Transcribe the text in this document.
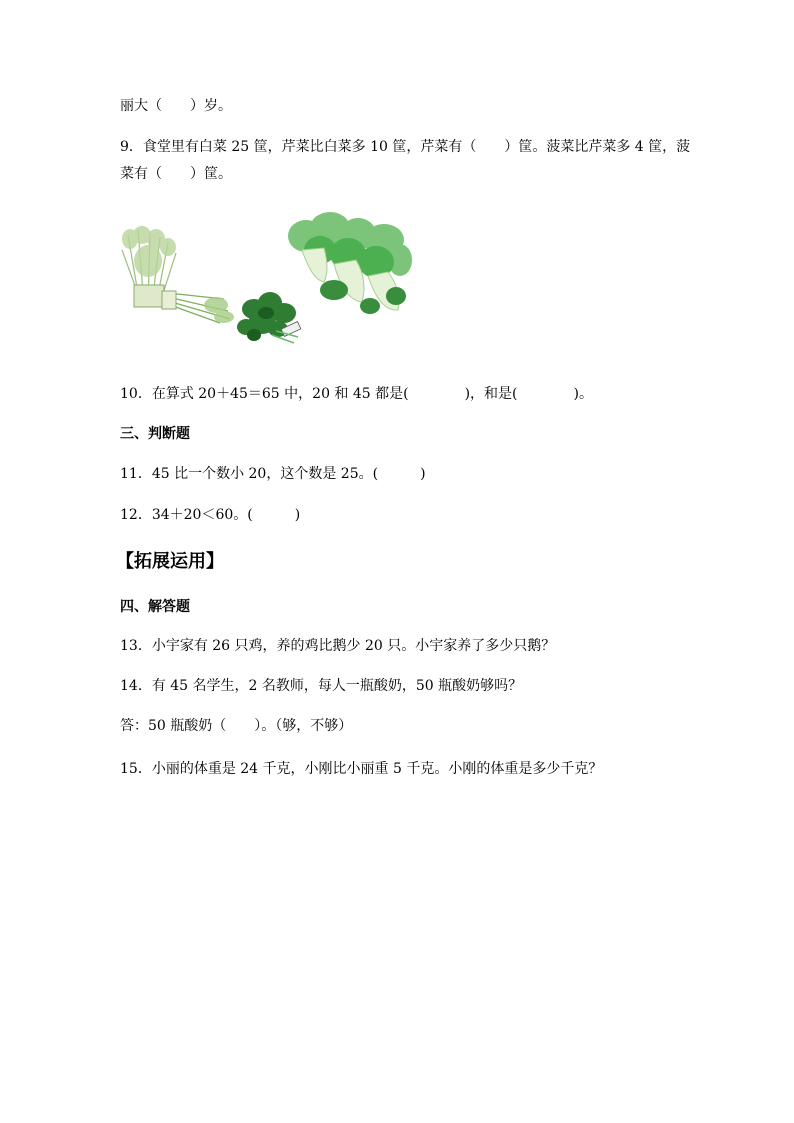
丽大（　　）岁。
9．食堂里有白菜 25 筐，芹菜比白菜多 10 筐，芹菜有（　　）筐。菠菜比芹菜多 4 筐，菠
菜有（　　）筐。
10．在算式 20＋45＝65 中，20 和 45 都是(　　　　)，和是(　　　　)。
三、判断题
11．45 比一个数小 20，这个数是 25。(　　　)
12．34＋20＜60。(　　　)
【拓展运用】
四、解答题
13．小宇家有 26 只鸡，养的鸡比鹅少 20 只。小宇家养了多少只鹅？
14．有 45 名学生，2 名教师，每人一瓶酸奶，50 瓶酸奶够吗？
答：50 瓶酸奶（　　）。（够，不够）
15．小丽的体重是 24 千克，小刚比小丽重 5 千克。小刚的体重是多少千克？
